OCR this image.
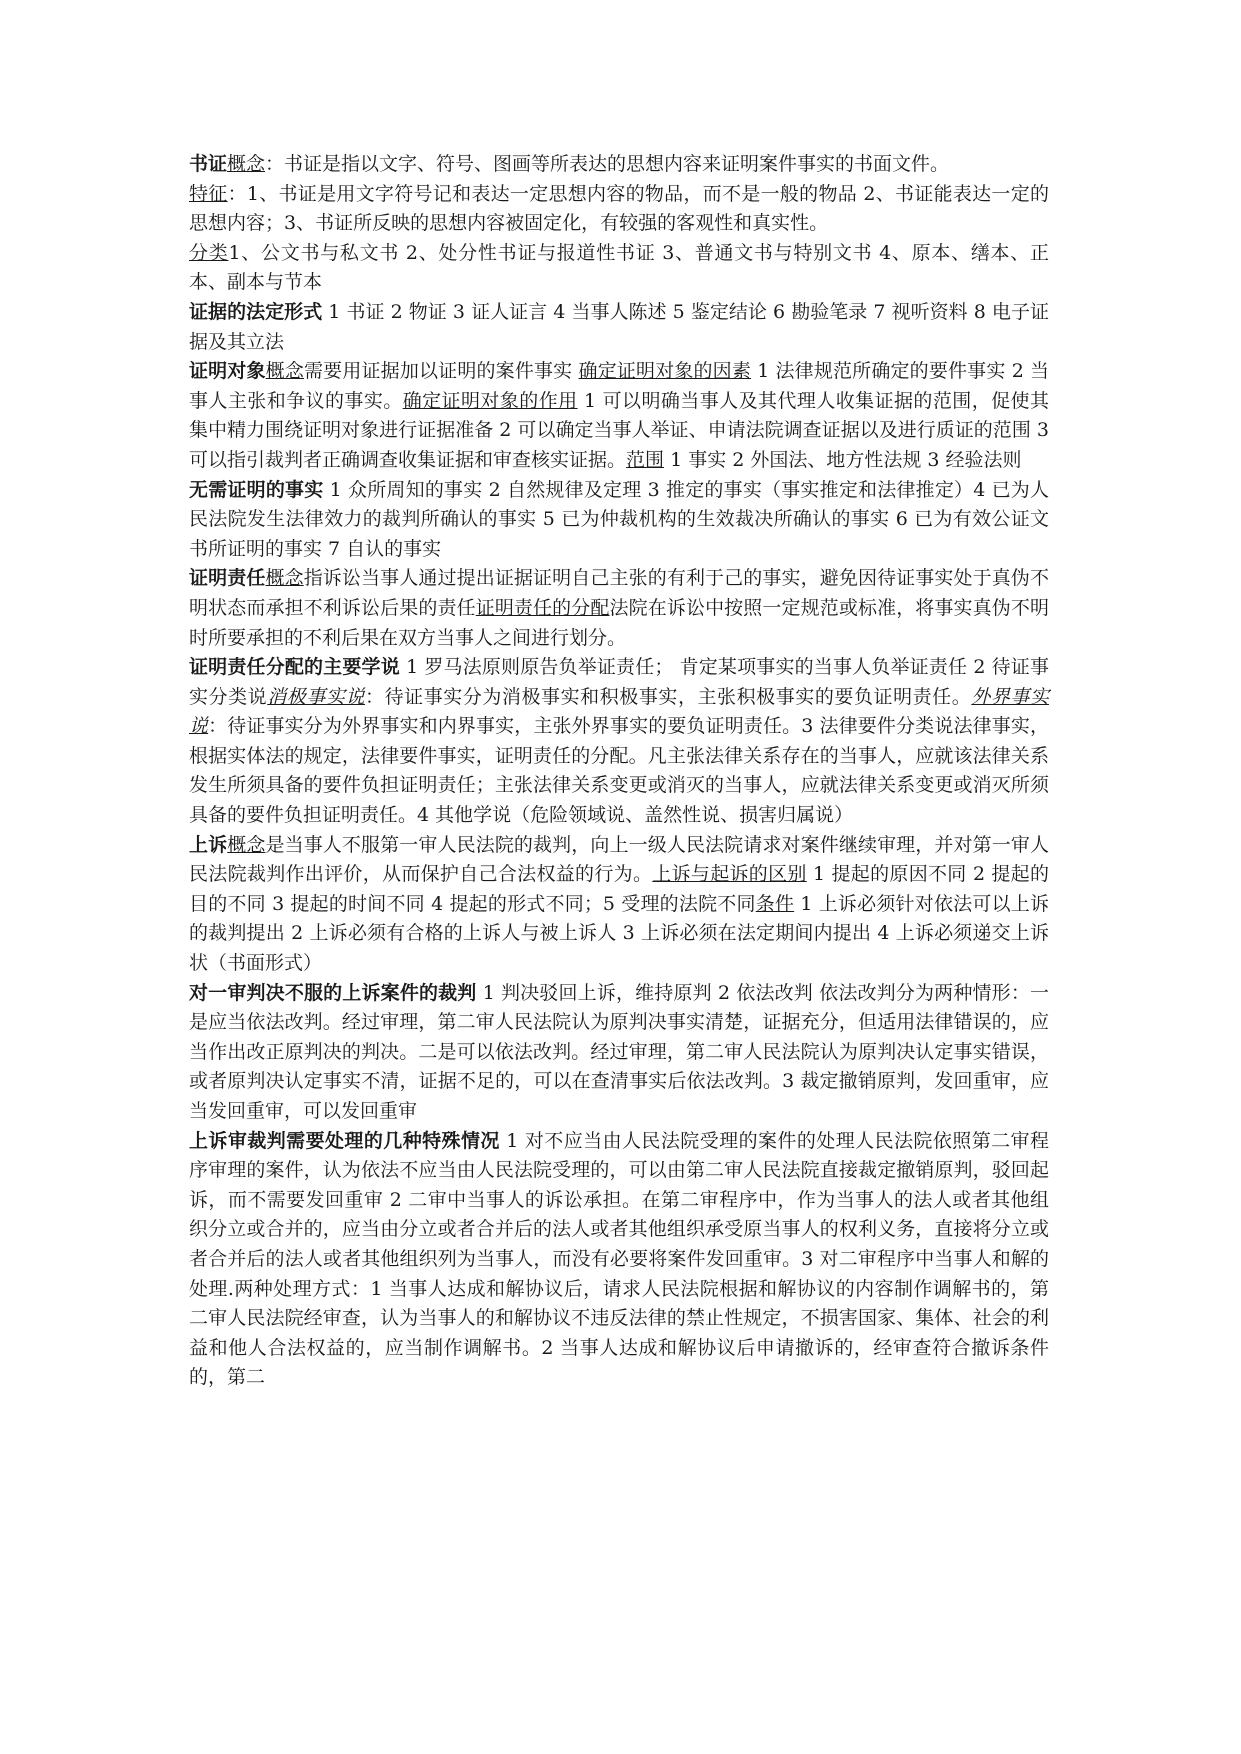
书证概念：书证是指以文字、符号、图画等所表达的思想内容来证明案件事实的书面文件。

特征：1、书证是用文字符号记和表达一定思想内容的物品，而不是一般的物品 2、书证能表达一定的思想内容；3、书证所反映的思想内容被固定化，有较强的客观性和真实性。

分类1、公文书与私文书 2、处分性书证与报道性书证 3、普通文书与特别文书 4、原本、缮本、正本、副本与节本

证据的法定形式 1 书证 2 物证 3 证人证言 4 当事人陈述 5 鉴定结论 6 勘验笔录 7 视听资料 8 电子证据及其立法

证明对象概念需要用证据加以证明的案件事实 确定证明对象的因素 1 法律规范所确定的要件事实 2 当事人主张和争议的事实。确定证明对象的作用 1 可以明确当事人及其代理人收集证据的范围，促使其集中精力围绕证明对象进行证据准备 2 可以确定当事人举证、申请法院调查证据以及进行质证的范围 3 可以指引裁判者正确调查收集证据和审查核实证据。范围 1 事实 2 外国法、地方性法规 3 经验法则

无需证明的事实 1 众所周知的事实 2 自然规律及定理 3 推定的事实（事实推定和法律推定）4 已为人民法院发生法律效力的裁判所确认的事实 5 已为仲裁机构的生效裁决所确认的事实 6 已为有效公证文书所证明的事实 7 自认的事实

证明责任概念指诉讼当事人通过提出证据证明自己主张的有利于己的事实，避免因待证事实处于真伪不明状态而承担不利诉讼后果的责任证明责任的分配法院在诉讼中按照一定规范或标准，将事实真伪不明时所要承担的不利后果在双方当事人之间进行划分。

证明责任分配的主要学说 1 罗马法原则原告负举证责任； 肯定某项事实的当事人负举证责任 2 待证事实分类说消极事实说：待证事实分为消极事实和积极事实，主张积极事实的要负证明责任。外界事实说：待证事实分为外界事实和内界事实，主张外界事实的要负证明责任。3 法律要件分类说法律事实，根据实体法的规定，法律要件事实，证明责任的分配。凡主张法律关系存在的当事人，应就该法律关系发生所须具备的要件负担证明责任；主张法律关系变更或消灭的当事人，应就法律关系变更或消灭所须具备的要件负担证明责任。4 其他学说（危险领域说、盖然性说、损害归属说）

上诉概念是当事人不服第一审人民法院的裁判，向上一级人民法院请求对案件继续审理，并对第一审人民法院裁判作出评价，从而保护自己合法权益的行为。上诉与起诉的区别 1 提起的原因不同 2 提起的目的不同 3 提起的时间不同 4 提起的形式不同；5 受理的法院不同条件 1 上诉必须针对依法可以上诉的裁判提出 2 上诉必须有合格的上诉人与被上诉人 3 上诉必须在法定期间内提出 4 上诉必须递交上诉状（书面形式）

对一审判决不服的上诉案件的裁判 1 判决驳回上诉，维持原判 2 依法改判 依法改判分为两种情形：一是应当依法改判。经过审理，第二审人民法院认为原判决事实清楚，证据充分，但适用法律错误的，应当作出改正原判决的判决。二是可以依法改判。经过审理，第二审人民法院认为原判决认定事实错误，或者原判决认定事实不清，证据不足的，可以在查清事实后依法改判。3 裁定撤销原判，发回重审，应当发回重审，可以发回重审

上诉审裁判需要处理的几种特殊情况 1 对不应当由人民法院受理的案件的处理人民法院依照第二审程序审理的案件，认为依法不应当由人民法院受理的，可以由第二审人民法院直接裁定撤销原判，驳回起诉，而不需要发回重审 2 二审中当事人的诉讼承担。在第二审程序中，作为当事人的法人或者其他组织分立或合并的，应当由分立或者合并后的法人或者其他组织承受原当事人的权利义务，直接将分立或者合并后的法人或者其他组织列为当事人，而没有必要将案件发回重审。3 对二审程序中当事人和解的处理.两种处理方式：1 当事人达成和解协议后，请求人民法院根据和解协议的内容制作调解书的，第二审人民法院经审查，认为当事人的和解协议不违反法律的禁止性规定，不损害国家、集体、社会的利益和他人合法权益的，应当制作调解书。2 当事人达成和解协议后申请撤诉的，经审查符合撤诉条件的，第二
